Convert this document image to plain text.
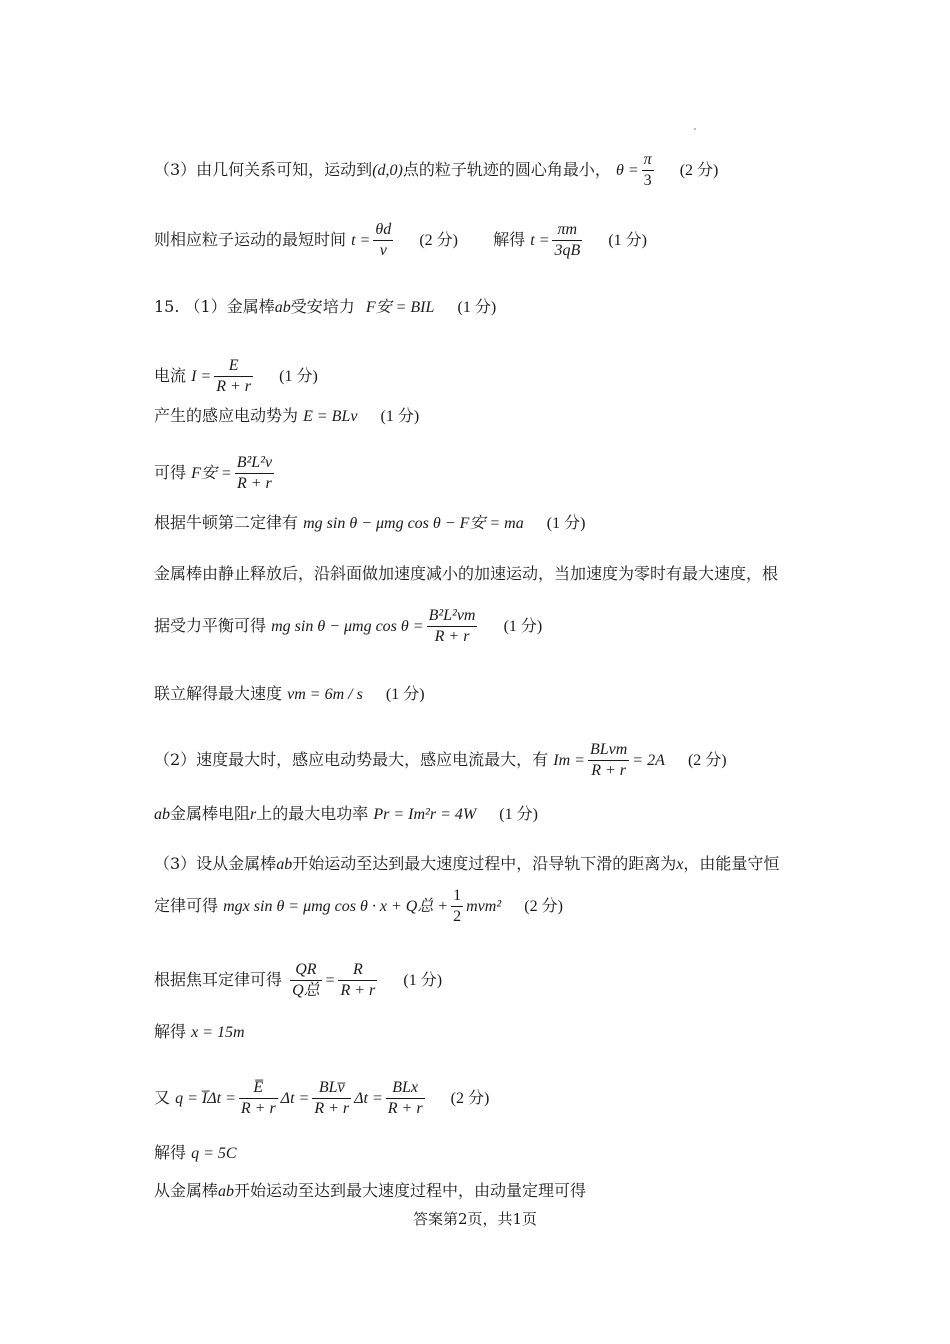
（3）由几何关系可知，运动到(d,0)点的粒子轨迹的圆心角最小， $\theta = \frac{\pi}{3} (2$ 分)
则相应粒子运动的最短时间 $t = \frac{\theta d}{v} (2$ 分) 解得 $t = \frac{\pi m}{3qB} (1$ 分)
15. （1）金属棒ab受安培力 F安 = BIL (1 分)
电流 $I = \frac{E}{R + r} (1$ 分)
产生的感应电动势为 E = BLv (1 分)
可得 F安 = $\frac{\text{B²L²v}}{R + r}$
根据牛顿第二定律有 mg sin θ − μmg cos θ − F安 = ma (1 分)
金属棒由静止释放后，沿斜面做加速度减小的加速运动，当加速度为零时有最大速度，根
据受力平衡可得 mg sin θ − μmg $\cos \theta = \frac{\text{B²L²vm}}{R + r} (1$ 分)
联立解得最大速度 vm = 6m / s (1 分)
（2）速度最大时，感应电动势最大，感应电流最大，有 $Im = \frac{\text{BLvm}}{R + r} = 2A$ (2 分)
ab金属棒电阻r上的最大电功率 Pr = Im²r = 4W (1 分)
（3）设从金属棒ab开始运动至达到最大速度过程中，沿导轨下滑的距离为x，由能量守恒
定律可得 mgx sin θ = μmg cos θ · x + Q总 + $\frac{1}{2} mvm^2$ (2 分)
根据焦耳定律可得 $\frac{QR}{\text{Q总}} = \frac{R}{R + r} (1$ 分)
解得 x = 15m
又 q = I̅Δt = $\frac{E̅}{R + r}$ $\Delta t = \frac{\text{BLv̅}}{R + r}$ $\Delta t = \frac{\text{BLx}}{R + r} (2$ 分)
解得 q = 5C
从金属棒ab开始运动至达到最大速度过程中，由动量定理可得
答案第2页，共1页
